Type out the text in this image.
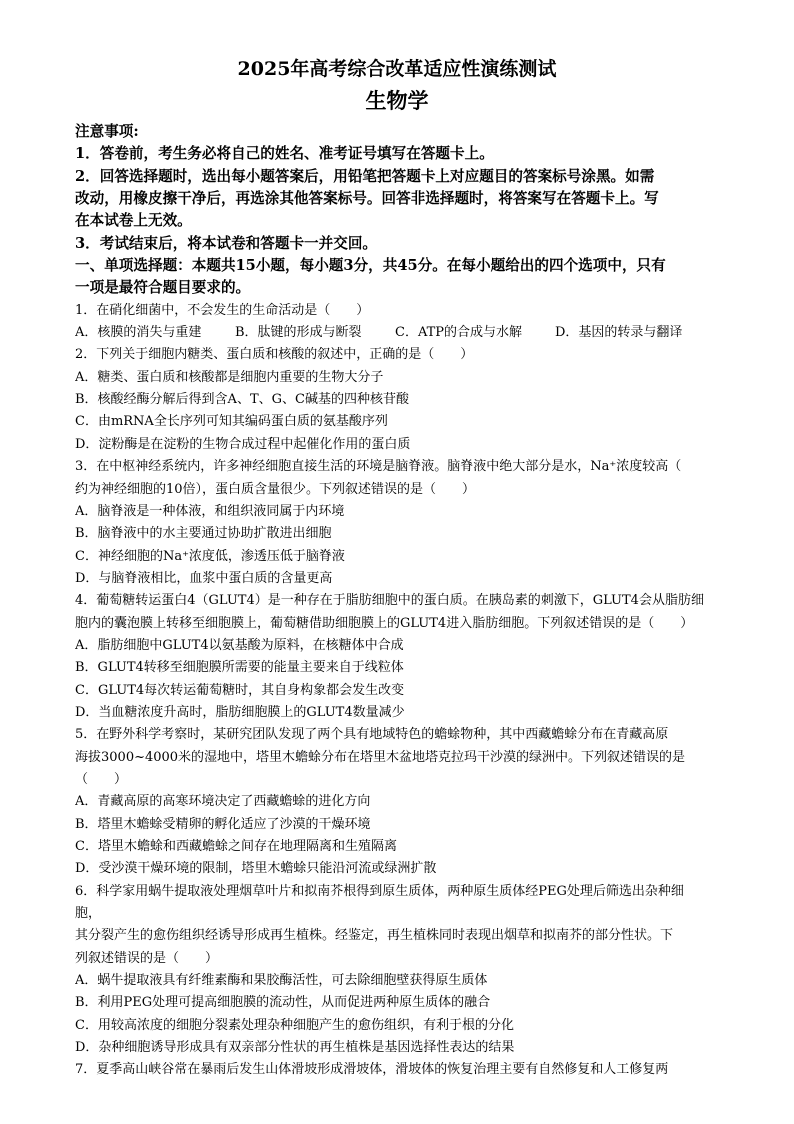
2025年高考综合改革适应性演练测试
生物学
注意事项:
1．答卷前，考生务必将自己的姓名、准考证号填写在答题卡上。
2．回答选择题时，选出每小题答案后，用铅笔把答题卡上对应题目的答案标号涂黑。如需
改动，用橡皮擦干净后，再选涂其他答案标号。回答非选择题时，将答案写在答题卡上。写
在本试卷上无效。
3．考试结束后，将本试卷和答题卡一并交回。
一、单项选择题：本题共15小题，每小题3分，共45分。在每小题给出的四个选项中，只有
一项是最符合题目要求的。
1．在硝化细菌中，不会发生的生命活动是（　　）
A．核膜的消失与重建	B．肽键的形成与断裂	C．ATP的合成与水解	D．基因的转录与翻译
2．下列关于细胞内糖类、蛋白质和核酸的叙述中，正确的是（　　）
A．糖类、蛋白质和核酸都是细胞内重要的生物大分子
B．核酸经酶分解后得到含A、T、G、C碱基的四种核苷酸
C．由mRNA全长序列可知其编码蛋白质的氨基酸序列
D．淀粉酶是在淀粉的生物合成过程中起催化作用的蛋白质
3．在中枢神经系统内，许多神经细胞直接生活的环境是脑脊液。脑脊液中绝大部分是水，Na⁺浓度较高（
约为神经细胞的10倍），蛋白质含量很少。下列叙述错误的是（　　）
A．脑脊液是一种体液，和组织液同属于内环境
B．脑脊液中的水主要通过协助扩散进出细胞
C．神经细胞的Na⁺浓度低，渗透压低于脑脊液
D．与脑脊液相比，血浆中蛋白质的含量更高
4．葡萄糖转运蛋白4（GLUT4）是一种存在于脂肪细胞中的蛋白质。在胰岛素的刺激下，GLUT4会从脂肪细
胞内的囊泡膜上转移至细胞膜上，葡萄糖借助细胞膜上的GLUT4进入脂肪细胞。下列叙述错误的是（　　）
A．脂肪细胞中GLUT4以氨基酸为原料，在核糖体中合成
B．GLUT4转移至细胞膜所需要的能量主要来自于线粒体
C．GLUT4每次转运葡萄糖时，其自身构象都会发生改变
D．当血糖浓度升高时，脂肪细胞膜上的GLUT4数量减少
5．在野外科学考察时，某研究团队发现了两个具有地域特色的蟾蜍物种，其中西藏蟾蜍分布在青藏高原
海拔3000~4000米的湿地中，塔里木蟾蜍分布在塔里木盆地塔克拉玛干沙漠的绿洲中。下列叙述错误的是
（　　）
A．青藏高原的高寒环境决定了西藏蟾蜍的进化方向
B．塔里木蟾蜍受精卵的孵化适应了沙漠的干燥环境
C．塔里木蟾蜍和西藏蟾蜍之间存在地理隔离和生殖隔离
D．受沙漠干燥环境的限制，塔里木蟾蜍只能沿河流或绿洲扩散
6．科学家用蜗牛提取液处理烟草叶片和拟南芥根得到原生质体，两种原生质体经PEG处理后筛选出杂种细
胞，
其分裂产生的愈伤组织经诱导形成再生植株。经鉴定，再生植株同时表现出烟草和拟南芥的部分性状。下
列叙述错误的是（　　）
A．蜗牛提取液具有纤维素酶和果胶酶活性，可去除细胞壁获得原生质体
B．利用PEG处理可提高细胞膜的流动性，从而促进两种原生质体的融合
C．用较高浓度的细胞分裂素处理杂种细胞产生的愈伤组织，有利于根的分化
D．杂种细胞诱导形成具有双亲部分性状的再生植株是基因选择性表达的结果
7．夏季高山峡谷常在暴雨后发生山体滑坡形成滑坡体，滑坡体的恢复治理主要有自然修复和人工修复两
